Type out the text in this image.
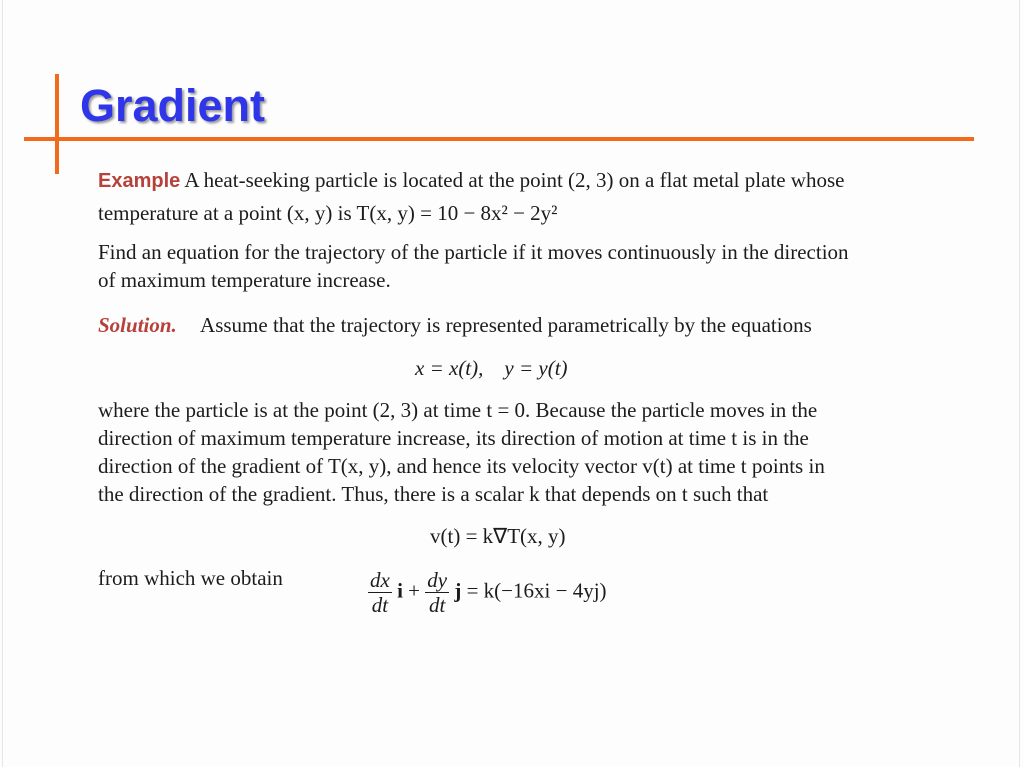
Gradient
Example A heat-seeking particle is located at the point (2, 3) on a flat metal plate whose
temperature at a point (x, y) is T(x, y) = 10 − 8x² − 2y²
Find an equation for the trajectory of the particle if it moves continuously in the direction
of maximum temperature increase.
Solution. Assume that the trajectory is represented parametrically by the equations
x = x(t),    y = y(t)
where the particle is at the point (2, 3) at time t = 0. Because the particle moves in the
direction of maximum temperature increase, its direction of motion at time t is in the
direction of the gradient of T(x, y), and hence its velocity vector v(t) at time t points in
the direction of the gradient. Thus, there is a scalar k that depends on t such that
v(t) = k∇T(x, y)
from which we obtain	$\frac{dx}{dt}$ $i + \frac{dy}{dt}$ j = k(−16xi − 4yj)
